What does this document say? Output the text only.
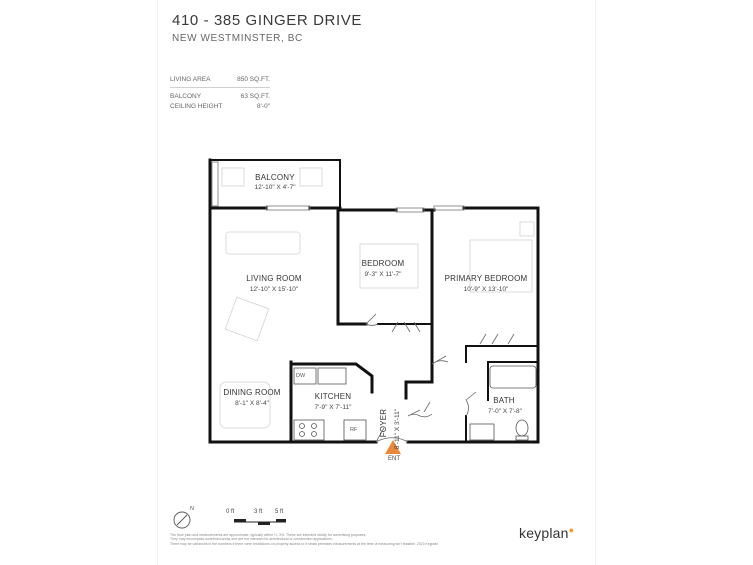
410 - 385 GINGER DRIVE
NEW WESTMINSTER, BC
LIVING AREA	850 SQ.FT.
BALCONY	63 SQ.FT.
CEILING HEIGHT	8'-0"
BALCONY
12'-10" X 4'-7"
LIVING ROOM
12'-10" X 15'-10"
BEDROOM
9'-3" X 11'-7"	PRIMARY BEDROOM
10'-9" X 13'-10"
DINING ROOM
8'-1" X 8'-4"
KITCHEN
7'-9" X 7'-11"
FOYER 8'-11" X 3'-11"
BATH
7'-0" X 7'-8"
DW
RF
ENT
N	0 ft	3 ft 5 ft
The floor plan and measurements are approximate, typically within +/- 3%. These are intended strictly for advertising purposes.
They may encompass undefined areas and are not intended for architectural or construction applications.
There may be variances in the numbers if there were restrictions on property access or if strata premises measurements at the time of measuring isn't feasible. 2023 Keyplan
keyplan●
